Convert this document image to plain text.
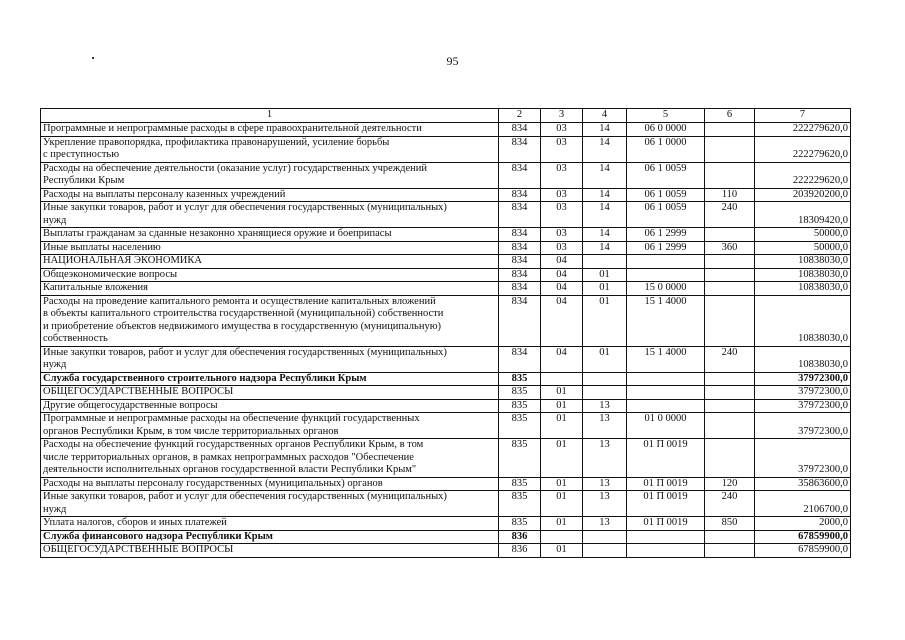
95
1	2	3	4	5	6	7

Программные и непрограммные расходы в сфере правоохранительной деятельности	834	03	14	06 0 0000		222279620,0

Укрепление правопорядка, профилактика правонарушений, усиление борьбы
с преступностью	834	03	14	06 1 0000		222279620,0

Расходы на обеспечение деятельности (оказание услуг) государственных учреждений
Республики Крым	834	03	14	06 1 0059		222229620,0

Расходы на выплаты персоналу казенных учреждений	834	03	14	06 1 0059	110	203920200,0

Иные закупки товаров, работ и услуг для обеспечения государственных (муниципальных)
нужд	834	03	14	06 1 0059	240	18309420,0

Выплаты гражданам за сданные незаконно хранящиеся оружие и боеприпасы	834	03	14	06 1 2999		50000,0

Иные выплаты населению	834	03	14	06 1 2999	360	50000,0

НАЦИОНАЛЬНАЯ ЭКОНОМИКА	834	04				10838030,0

Общеэкономические вопросы	834	04	01			10838030,0

Капитальные вложения	834	04	01	15 0 0000		10838030,0

Расходы на проведение капитального ремонта и осуществление капитальных вложений
в объекты капитального строительства государственной (муниципальной) собственности
и приобретение объектов недвижимого имущества в государственную (муниципальную)
собственность	834	04	01	15 1 4000		10838030,0

Иные закупки товаров, работ и услуг для обеспечения государственных (муниципальных)
нужд	834	04	01	15 1 4000	240	10838030,0

Служба государственного строительного надзора Республики Крым	835					37972300,0

ОБЩЕГОСУДАРСТВЕННЫЕ ВОПРОСЫ	835	01				37972300,0

Другие общегосударственные вопросы	835	01	13			37972300,0

Программные и непрограммные расходы на обеспечение функций государственных
органов Республики Крым, в том числе территориальных органов	835	01	13	01 0 0000		37972300,0

Расходы на обеспечение функций государственных органов Республики Крым, в том
числе территориальных органов, в рамках непрограммных расходов "Обеспечение
деятельности исполнительных органов государственной власти Республики Крым"	835	01	13	01 П 0019		37972300,0

Расходы на выплаты персоналу государственных (муниципальных) органов	835	01	13	01 П 0019	120	35863600,0

Иные закупки товаров, работ и услуг для обеспечения государственных (муниципальных)
нужд	835	01	13	01 П 0019	240	2106700,0

Уплата налогов, сборов и иных платежей	835	01	13	01 П 0019	850	2000,0

Служба финансового надзора Республики Крым	836					67859900,0

ОБЩЕГОСУДАРСТВЕННЫЕ ВОПРОСЫ	836	01				67859900,0
